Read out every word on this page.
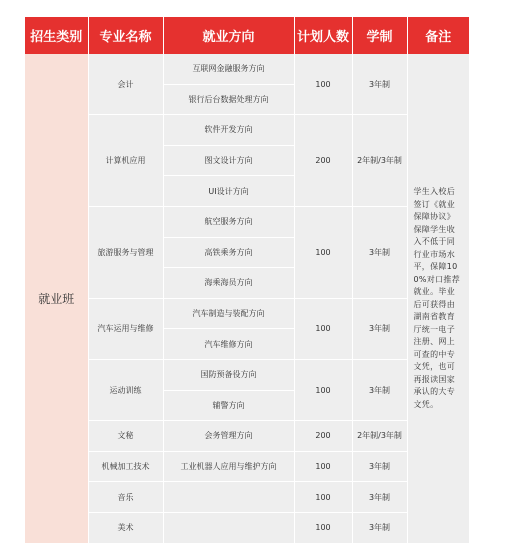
招生类别	专业名称	就业方向	计划人数	学制	备注
就业班	会计	互联网金融服务方向	100	3年制	学生入校后签订《就业保障协议》保障学生收入不低于同行业市场水平，保障100%对口推荐就业。毕业后可获得由湖南省教育厅统一电子注册、网上可查的中专文凭，也可再报读国家承认的大专文凭。

		银行后台数据处理方向			
	计算机应用	软件开发方向	200	2年制/3年制	
		图文设计方向			
		UI设计方向			
	旅游服务与管理	航空服务方向	100	3年制	
		高铁乘务方向			
		海乘海员方向			
	汽车运用与维修	汽车制造与装配方向	100	3年制	
		汽车维修方向			
	运动训练	国防预备役方向	100	3年制	
		辅警方向			
	文秘	会务管理方向	200	2年制/3年制	
	机械加工技术	工业机器人应用与维护方向	100	3年制	
	音乐		100	3年制	
	美术		100	3年制	
